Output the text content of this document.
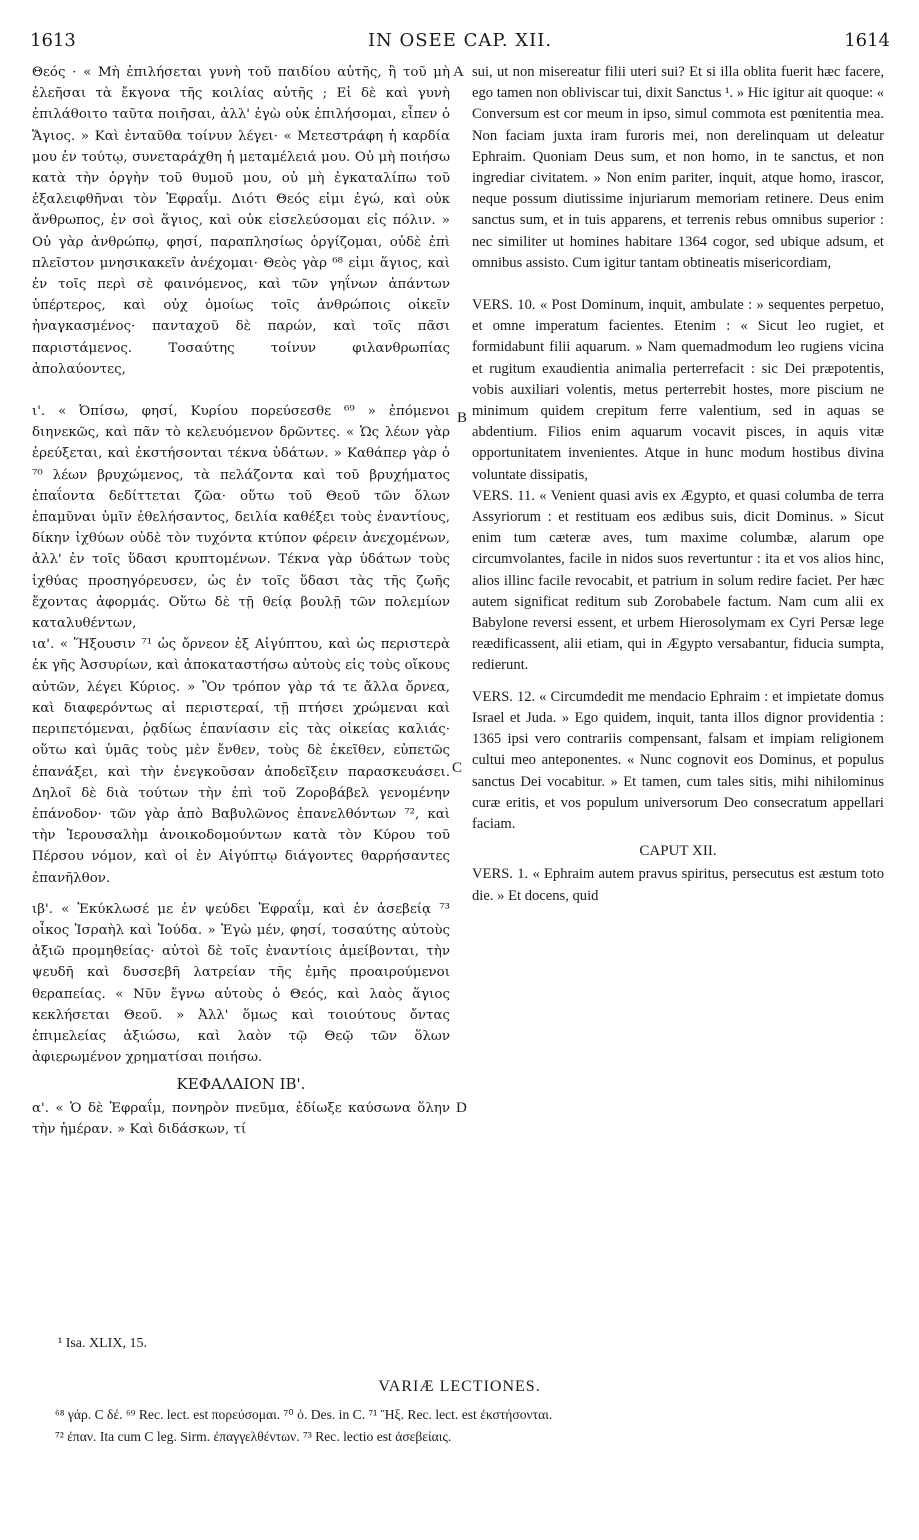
1613	IN OSEE CAP. XII.	1614

Θεός · « Μὴ ἐπιλήσεται γυνὴ τοῦ παιδίου αὐτῆς, ἢ τοῦ μὴ ἐλεῆσαι τὰ ἔκγονα τῆς κοιλίας αὐτῆς ; Εἰ δὲ καὶ γυνὴ ἐπιλάθοιτο ταῦτα ποιῆσαι, ἀλλ' ἐγὼ οὐκ ἐπιλήσομαι, εἶπεν ὁ Ἅγιος. » Καὶ ἐνταῦθα τοίνυν λέγει· « Μετεστράφη ἡ καρδία μου ἐν τούτῳ, συνεταράχθη ἡ μεταμέλειά μου. Οὐ μὴ ποιήσω κατὰ τὴν ὀργὴν τοῦ θυμοῦ μου, οὐ μὴ ἐγκαταλίπω τοῦ ἐξαλειφθῆναι τὸν Ἐφραΐμ. Διότι Θεός εἰμι ἐγώ, καὶ οὐκ ἄνθρωπος, ἐν σοὶ ἅγιος, καὶ οὐκ εἰσελεύσομαι εἰς πόλιν. » Οὐ γὰρ ἀνθρώπῳ, φησί, παραπλησίως ὀργίζομαι, οὐδὲ ἐπὶ πλεῖστον μνησικακεῖν ἀνέχομαι· Θεὸς γὰρ ⁶⁸ εἰμι ἅγιος, καὶ ἐν τοῖς περὶ σὲ φαινόμενος, καὶ τῶν γηΐνων ἁπάντων ὑπέρτερος, καὶ οὐχ ὁμοίως τοῖς ἀνθρώποις οἰκεῖν ἠναγκασμένος· πανταχοῦ δὲ παρών, καὶ τοῖς πᾶσι παριστάμενος. Τοσαύτης τοίνυν φιλανθρωπίας ἀπολαύοντες,

ι'. « Ὀπίσω, φησί, Κυρίου πορεύσεσθε ⁶⁹ » ἑπόμενοι διηνεκῶς, καὶ πᾶν τὸ κελευόμενον δρῶντες. « Ὡς λέων γὰρ ἐρεύξεται, καὶ ἐκστήσονται τέκνα ὑδάτων. » Καθάπερ γὰρ ὁ ⁷⁰ λέων βρυχώμενος, τὰ πελάζοντα καὶ τοῦ βρυχήματος ἐπαΐοντα δεδίττεται ζῶα· οὕτω τοῦ Θεοῦ τῶν ὅλων ἐπαμῦναι ὑμῖν ἐθελήσαντος, δειλία καθέξει τοὺς ἐναντίους, δίκην ἰχθύων οὐδὲ τὸν τυχόντα κτύπον φέρειν ἀνεχομένων, ἀλλ' ἐν τοῖς ὕδασι κρυπτομένων. Τέκνα γὰρ ὑδάτων τοὺς ἰχθύας προσηγόρευσεν, ὡς ἐν τοῖς ὕδασι τὰς τῆς ζωῆς ἔχοντας ἀφορμάς. Οὕτω δὲ τῇ θείᾳ βουλῇ τῶν πολεμίων καταλυθέντων,

ια'. « Ἥξουσιν ⁷¹ ὡς ὄρνεον ἐξ Αἰγύπτου, καὶ ὡς περιστερὰ ἐκ γῆς Ἀσσυρίων, καὶ ἀποκαταστήσω αὐτοὺς εἰς τοὺς οἴκους αὐτῶν, λέγει Κύριος. » Ὃν τρόπον γὰρ τά τε ἄλλα ὄρνεα, καὶ διαφερόντως αἱ περιστεραί, τῇ πτήσει χρώμεναι καὶ περιπετόμεναι, ῥᾳδίως ἐπανίασιν εἰς τὰς οἰκείας καλιάς· οὕτω καὶ ὑμᾶς τοὺς μὲν ἔνθεν, τοὺς δὲ ἐκεῖθεν, εὐπετῶς ἐπανάξει, καὶ τὴν ἐνεγκοῦσαν ἀποδεῖξειν παρασκευάσει. Δηλοῖ δὲ διὰ τούτων τὴν ἐπὶ τοῦ Ζοροβάβελ γενομένην ἐπάνοδον· τῶν γὰρ ἀπὸ Βαβυλῶνος ἐπανελθόντων ⁷², καὶ τὴν Ἱερουσαλὴμ ἀνοικοδομούντων κατὰ τὸν Κύρου τοῦ Πέρσου νόμον, καὶ οἱ ἐν Αἰγύπτῳ διάγοντες θαρρήσαντες ἐπανῆλθον.

ιβ'. « Ἐκύκλωσέ με ἐν ψεύδει Ἐφραΐμ, καὶ ἐν ἀσεβείᾳ ⁷³ οἶκος Ἰσραὴλ καὶ Ἰούδα. » Ἐγὼ μέν, φησί, τοσαύτης αὐτοὺς ἀξιῶ προμηθείας· αὐτοὶ δὲ τοῖς ἐναντίοις ἀμείβονται, τὴν ψευδῆ καὶ δυσσεβῆ λατρείαν τῆς ἐμῆς προαιρούμενοι θεραπείας. « Νῦν ἔγνω αὐτοὺς ὁ Θεός, καὶ λαὸς ἅγιος κεκλήσεται Θεοῦ. » Ἀλλ' ὅμως καὶ τοιούτους ὄντας ἐπιμελείας ἀξιώσω, καὶ λαὸν τῷ Θεῷ τῶν ὅλων ἀφιερωμένον χρηματίσαι ποιήσω.

ΚΕΦΑΛΑΙΟΝ ΙΒ'.

α'. « Ὁ δὲ Ἐφραΐμ, πονηρὸν πνεῦμα, ἐδίωξε καύσωνα ὅλην τὴν ἡμέραν. » Καὶ διδάσκων, τί

A
B
C
D

sui, ut non misereatur filii uteri sui? Et si illa oblita fuerit hæc facere, ego tamen non obliviscar tui, dixit Sanctus ¹. » Hic igitur ait quoque: « Conversum est cor meum in ipso, simul commota est pœnitentia mea. Non faciam juxta iram furoris mei, non derelinquam ut deleatur Ephraim. Quoniam Deus sum, et non homo, in te sanctus, et non ingrediar civitatem. » Non enim pariter, inquit, atque homo, irascor, neque possum diutissime injuriarum memoriam retinere. Deus enim sanctus sum, et in tuis apparens, et terrenis rebus omnibus superior : nec similiter ut homines habitare 1364 cogor, sed ubique adsum, et omnibus assisto. Cum igitur tantam obtineatis misericordiam,

VERS. 10. « Post Dominum, inquit, ambulate : » sequentes perpetuo, et omne imperatum facientes. Etenim : « Sicut leo rugiet, et formidabunt filii aquarum. » Nam quemadmodum leo rugiens vicina et rugitum exaudientia animalia perterrefacit : sic Dei præpotentis, vobis auxiliari volentis, metus perterrebit hostes, more piscium ne minimum quidem crepitum ferre valentium, sed in aquas se abdentium. Filios enim aquarum vocavit pisces, in aquis vitæ opportunitatem invenientes. Atque in hunc modum hostibus divina voluntate dissipatis,

VERS. 11. « Venient quasi avis ex Ægypto, et quasi columba de terra Assyriorum : et restituam eos ædibus suis, dicit Dominus. » Sicut enim tum cæteræ aves, tum maxime columbæ, alarum ope circumvolantes, facile in nidos suos revertuntur : ita et vos alios hinc, alios illinc facile revocabit, et patrium in solum redire faciet. Per hæc autem significat reditum sub Zorobabele factum. Nam cum alii ex Babylone reversi essent, et urbem Hierosolymam ex Cyri Persæ lege reædificassent, alii etiam, qui in Ægypto versabantur, fiducia sumpta, redierunt.

VERS. 12. « Circumdedit me mendacio Ephraim : et impietate domus Israel et Juda. » Ego quidem, inquit, tanta illos dignor providentia : 1365 ipsi vero contrariis compensant, falsam et impiam religionem cultui meo anteponentes. « Nunc cognovit eos Dominus, et populus sanctus Dei vocabitur. » Et tamen, cum tales sitis, mihi nihilominus curæ eritis, et vos populum universorum Deo consecratum appellari faciam.

CAPUT XII.

VERS. 1. « Ephraim autem pravus spiritus, persecutus est æstum toto die. » Et docens, quid

¹ Isa. XLIX, 15.
VARIÆ LECTIONES.

⁶⁸ γάρ. C δέ. ⁶⁹ Rec. lect. est πορεύσομαι. ⁷⁰ ὁ. Des. in C. ⁷¹ Ἥξ. Rec. lect. est ἐκστήσονται.

⁷² ἐπαν. Ita cum C leg. Sirm. ἐπαγγελθέντων. ⁷³ Rec. lectio est ἀσεβείαις.
